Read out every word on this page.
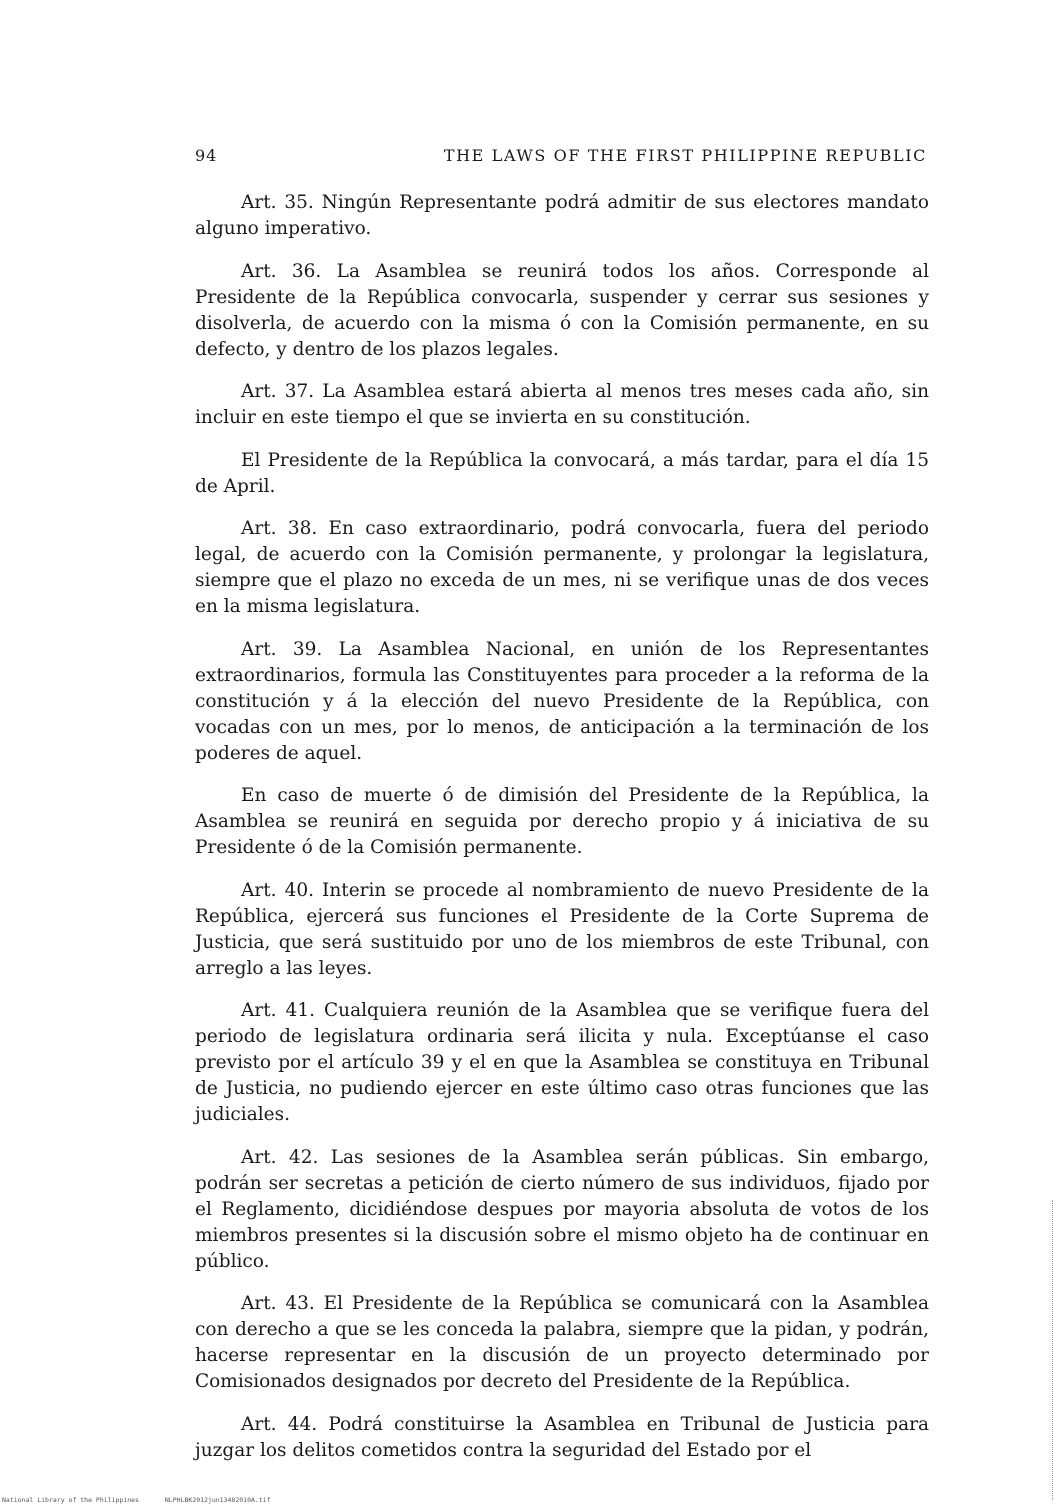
94	THE LAWS OF THE FIRST PHILIPPINE REPUBLIC

Art. 35. Ningún Representante podrá admitir de sus electores mandato alguno imperativo.

Art. 36. La Asamblea se reunirá todos los años. Corresponde al Presidente de la República convocarla, suspender y cerrar sus sesiones y disolverla, de acuerdo con la misma ó con la Comisión permanente, en su defecto, y dentro de los plazos legales.

Art. 37. La Asamblea estará abierta al menos tres meses cada año, sin incluir en este tiempo el que se invierta en su constitución.

El Presidente de la República la convocará, a más tardar, para el día 15 de April.

Art. 38. En caso extraordinario, podrá convocarla, fuera del periodo legal, de acuerdo con la Comisión permanente, y prolongar la legislatura, siempre que el plazo no exceda de un mes, ni se verifique unas de dos veces en la misma legislatura.

Art. 39. La Asamblea Nacional, en unión de los Representantes extraordinarios, formula las Constituyentes para proceder a la reforma de la constitución y á la elección del nuevo Presidente de la República, con vocadas con un mes, por lo menos, de anticipación a la terminación de los poderes de aquel.

En caso de muerte ó de dimisión del Presidente de la República, la Asamblea se reunirá en seguida por derecho propio y á iniciativa de su Presidente ó de la Comisión permanente.

Art. 40. Interin se procede al nombramiento de nuevo Presidente de la República, ejercerá sus funciones el Presidente de la Corte Suprema de Justicia, que será sustituido por uno de los miembros de este Tribunal, con arreglo a las leyes.

Art. 41. Cualquiera reunión de la Asamblea que se verifique fuera del periodo de legislatura ordinaria será ilicita y nula. Exceptúanse el caso previsto por el artículo 39 y el en que la Asamblea se constituya en Tribunal de Justicia, no pudiendo ejercer en este último caso otras funciones que las judiciales.

Art. 42. Las sesiones de la Asamblea serán públicas. Sin embargo, podrán ser secretas a petición de cierto número de sus individuos, fijado por el Reglamento, dicidiéndose despues por mayoria absoluta de votos de los miembros presentes si la discusión sobre el mismo objeto ha de continuar en público.

Art. 43. El Presidente de la República se comunicará con la Asamblea con derecho a que se les conceda la palabra, siempre que la pidan, y podrán, hacerse representar en la discusión de un proyecto determinado por Comisionados designados por decreto del Presidente de la República.

Art. 44. Podrá constituirse la Asamblea en Tribunal de Justicia para juzgar los delitos cometidos contra la seguridad del Estado por el

National Library of the Philippines	NLPHLBK2012jun13482010A.tif
